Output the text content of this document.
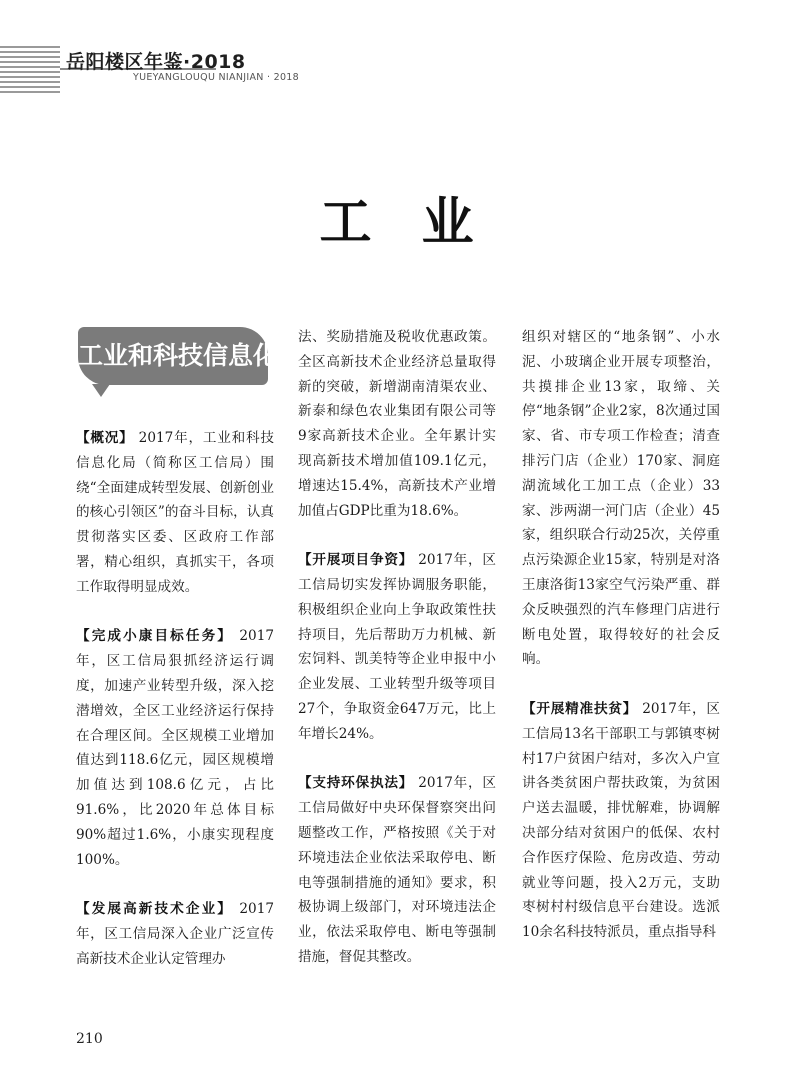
岳阳楼区年鉴·2018
YUEYANGLOUQU NIANJIAN · 2018
工业
工业和科技信息化

【概况】 2017年，工业和科技信息化局（简称区工信局）围绕“全面建成转型发展、创新创业的核心引领区”的奋斗目标，认真贯彻落实区委、区政府工作部署，精心组织，真抓实干，各项工作取得明显成效。

【完成小康目标任务】 2017年，区工信局狠抓经济运行调度，加速产业转型升级，深入挖潜增效，全区工业经济运行保持在合理区间。全区规模工业增加值达到118.6亿元，园区规模增加值达到108.6亿元，占比91.6%，比2020年总体目标90%超过1.6%，小康实现程度100%。

【发展高新技术企业】 2017年，区工信局深入企业广泛宣传高新技术企业认定管理办

法、奖励措施及税收优惠政策。全区高新技术企业经济总量取得新的突破，新增湖南清渠农业、新泰和绿色农业集团有限公司等9家高新技术企业。全年累计实现高新技术增加值109.1亿元，增速达15.4%，高新技术产业增加值占GDP比重为18.6%。

【开展项目争资】 2017年，区工信局切实发挥协调服务职能，积极组织企业向上争取政策性扶持项目，先后帮助万力机械、新宏饲料、凯美特等企业申报中小企业发展、工业转型升级等项目27个，争取资金647万元，比上年增长24%。

【支持环保执法】 2017年，区工信局做好中央环保督察突出问题整改工作，严格按照《关于对环境违法企业依法采取停电、断电等强制措施的通知》要求，积极协调上级部门，对环境违法企业，依法采取停电、断电等强制措施，督促其整改。

组织对辖区的“地条钢”、小水泥、小玻璃企业开展专项整治，共摸排企业13家，取缔、关停“地条钢”企业2家，8次通过国家、省、市专项工作检查；清查排污门店（企业）170家、洞庭湖流域化工加工点（企业）33家、涉两湖一河门店（企业）45家，组织联合行动25次，关停重点污染源企业15家，特别是对洛王康洛街13家空气污染严重、群众反映强烈的汽车修理门店进行断电处置，取得较好的社会反响。

【开展精准扶贫】 2017年，区工信局13名干部职工与郭镇枣树村17户贫困户结对，多次入户宣讲各类贫困户帮扶政策，为贫困户送去温暖，排忧解难，协调解决部分结对贫困户的低保、农村合作医疗保险、危房改造、劳动就业等问题，投入2万元，支助枣树村村级信息平台建设。选派10余名科技特派员，重点指导科

210
